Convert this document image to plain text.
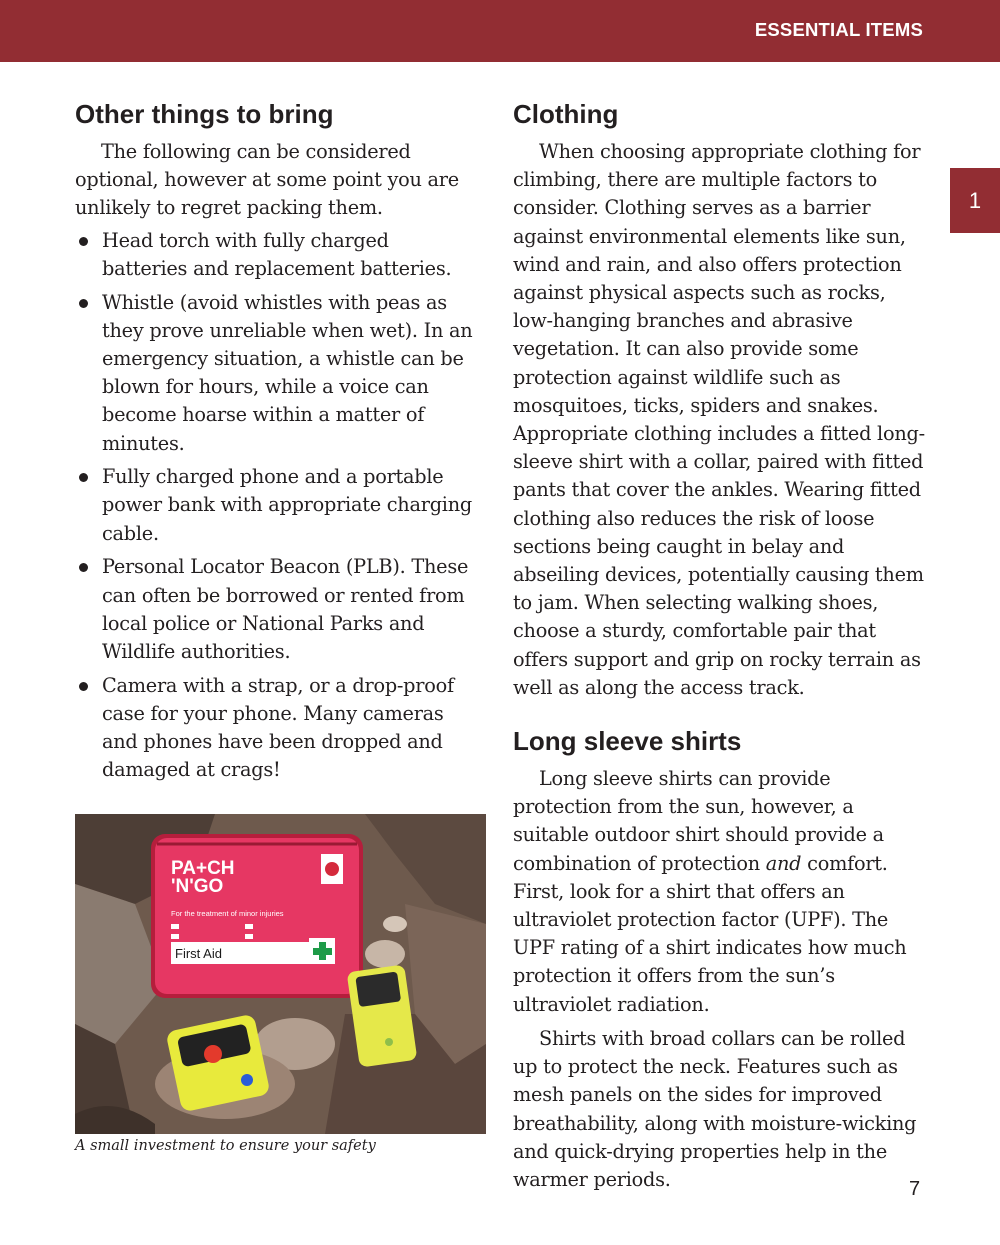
ESSENTIAL ITEMS
1
Other things to bring

The following can be considered optional, however at some point you are unlikely to regret packing them.

Head torch with fully charged batteries and replacement batteries.
Whistle (avoid whistles with peas as they prove unreliable when wet). In an emergency situation, a whistle can be blown for hours, while a voice can become hoarse within a matter of minutes.
Fully charged phone and a portable power bank with appropriate charging cable.
Personal Locator Beacon (PLB). These can often be borrowed or rented from local police or National Parks and Wildlife authorities.
Camera with a strap, or a drop-proof case for your phone. Many cameras and phones have been dropped and damaged at crags!
PA+CH
'N'GO
For the treatment of minor injuries
First Aid
A small investment to ensure your safety
Clothing

When choosing appropriate clothing for climbing, there are multiple factors to consider. Clothing serves as a barrier against environmental elements like sun, wind and rain, and also offers protection against physical aspects such as rocks, low-hanging branches and abrasive vegetation. It can also provide some protection against wildlife such as mosquitoes, ticks, spiders and snakes. Appropriate clothing includes a fitted long-sleeve shirt with a collar, paired with fitted pants that cover the ankles. Wearing fitted clothing also reduces the risk of loose sections being caught in belay and abseiling devices, potentially causing them to jam. When selecting walking shoes, choose a sturdy, comfortable pair that offers support and grip on rocky terrain as well as along the access track.

Long sleeve shirts

Long sleeve shirts can provide protection from the sun, however, a suitable outdoor shirt should provide a combination of protection and comfort. First, look for a shirt that offers an ultraviolet protection factor (UPF). The UPF rating of a shirt indicates how much protection it offers from the sun’s ultraviolet radiation.

Shirts with broad collars can be rolled up to protect the neck. Features such as mesh panels on the sides for improved breathability, along with moisture-wicking and quick-drying properties help in the warmer periods.	7
